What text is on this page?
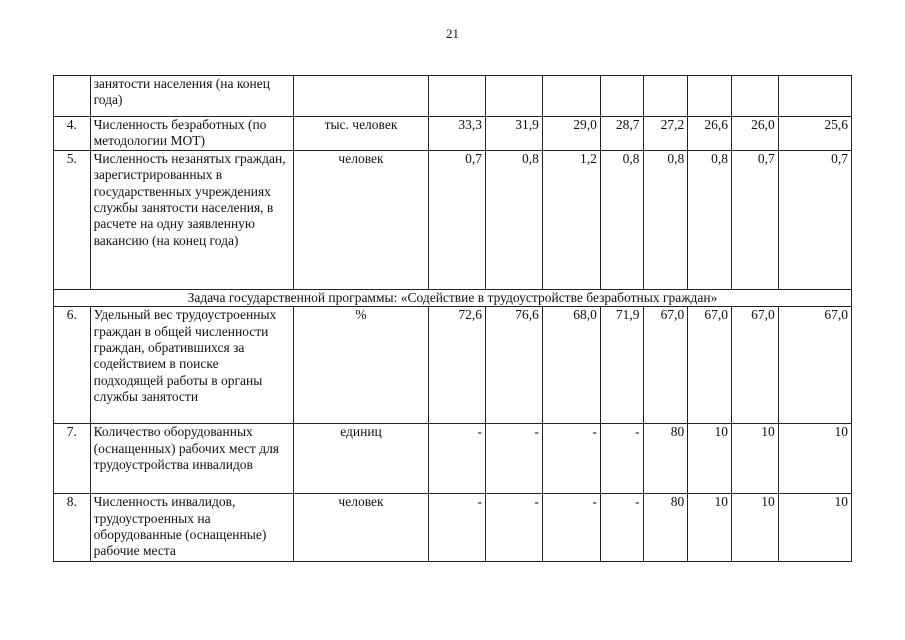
21
	занятости населения (на конец года)									
4.	Численность безработных (по методологии МОТ)	тыс. человек	33,3	31,9	29,0	28,7	27,2	26,6	26,0	25,6
5.	Численность незанятых граждан, зарегистрированных в государственных учреждениях службы занятости населения, в расчете на одну заявленную вакансию (на конец года)	человек	0,7	0,8	1,2	0,8	0,8	0,8	0,7	0,7
Задача государственной программы: «Содействие в трудоустройстве безработных граждан»										
6.	Удельный вес трудоустроенных граждан в общей численности граждан, обратившихся за содействием в поиске подходящей работы в органы службы занятости	%	72,6	76,6	68,0	71,9	67,0	67,0	67,0	67,0
7.	Количество оборудованных (оснащенных) рабочих мест для трудоустройства инвалидов	единиц	-	-	-	-	80	10	10	10
8.	Численность инвалидов, трудоустроенных на оборудованные (оснащенные) рабочие места	человек	-	-	-	-	80	10	10	10
